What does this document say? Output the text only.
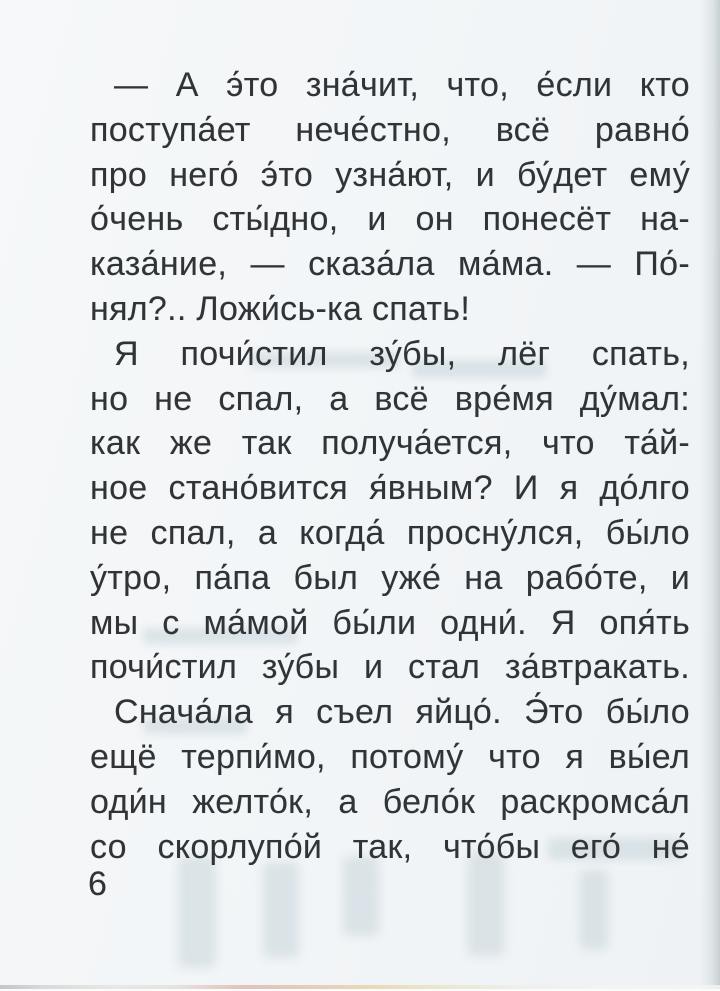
— А э́то зна́чит, что, е́сли кто
поступа́ет нече́стно, всё равно́
про него́ э́то узна́ют, и бу́дет ему́
о́чень сты́дно, и он понесёт на-
каза́ние, — сказа́ла ма́ма. — По́-
нял?.. Ложи́сь-ка спать!
Я почи́стил зу́бы, лёг спать,
но не спал, а всё вре́мя ду́мал:
как же так получа́ется, что та́й-
ное стано́вится я́вным? И я до́лго
не спал, а когда́ просну́лся, бы́ло
у́тро, па́па был уже́ на рабо́те, и
мы с ма́мой бы́ли одни́. Я опя́ть
почи́стил зу́бы и стал за́втракать.
Снача́ла я съел яйцо́. Э́то бы́ло
ещё терпи́мо, потому́ что я вы́ел
оди́н желто́к, а бело́к раскромса́л
со скорлупо́й так, что́бы его́ не́
6
